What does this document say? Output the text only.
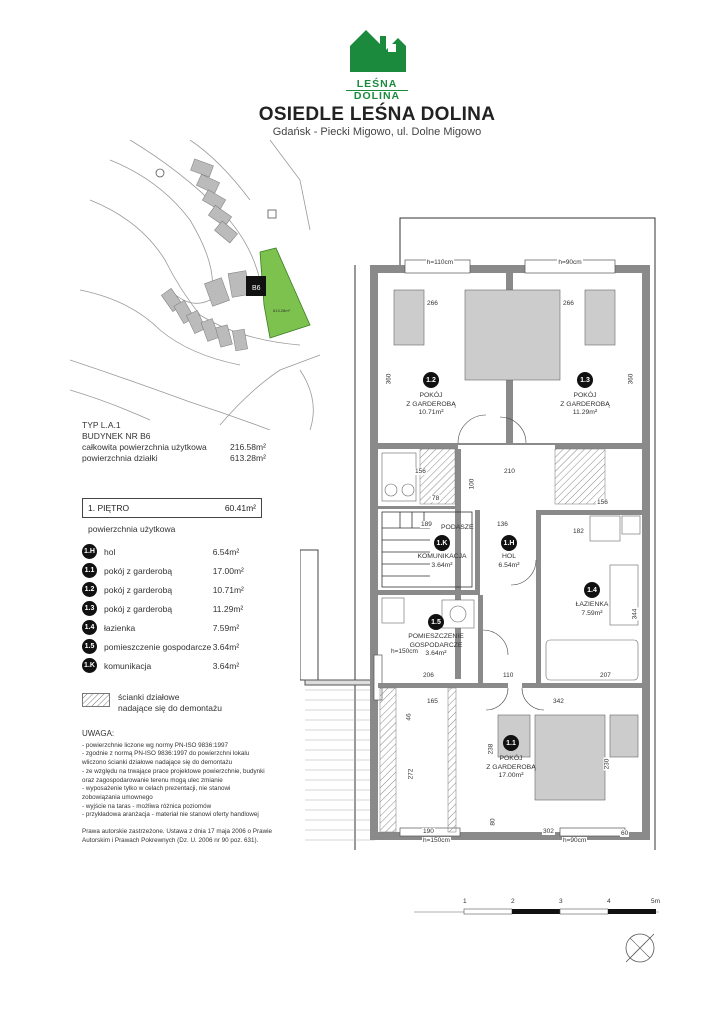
LEŚNA
DOLINA
OSIEDLE LEŚNA DOLINA
Gdańsk - Piecki Migowo, ul. Dolne Migowo
B6
613.28m²
TYP L.A.1
BUDYNEK NR B6
całkowita powierzchnia użytkowa	216.58m²
powierzchnia działki	613.28m²
1. PIĘTRO	60.41m²
powierzchnia użytkowa
1.H hol	6.54m²
1.1	pokój z garderobą	17.00m²
1.2	pokój z garderobą	10.71m²
1.3	pokój z garderobą	11.29m²
1.4	łazienka	7.59m²
1.5	pomieszczenie gospodarcze 3.64m²
1.K komunikacja	3.64m²
ścianki działowe
nadające się do demontażu
UWAGA:
- powierzchnie liczone wg normy PN-ISO 9836:1997
- zgodnie z normą PN-ISO 9836:1997 do powierzchni lokalu
wliczono ścianki działowe nadające się do demontażu
- ze względu na trwające prace projektowe powierzchnie, budynki
oraz zagospodarowanie terenu mogą ulec zmianie
- wyposażenie tylko w celach prezentacji, nie stanowi
zobowiązania umownego
- wyjście na taras - możliwa różnica poziomów
- przykładowa aranżacja - materiał nie stanowi oferty handlowej
Prawa autorskie zastrzeżone. Ustawa z dnia 17 maja 2006 o Prawie
Autorskim i Prawach Pokrewnych (Dz. U. 2006 nr 90 poz. 631).
h=110cm	h=90cm
266	266
360	360
1.2
POKÓJ
Z GARDEROBĄ
10.71m²
1.3
POKÓJ
Z GARDEROBĄ
11.29m²
156	210
100
78
156
189	136
182
PODASZE
1.K
KOMUNIKACJA
3.64m²
1.H
HOL
6.54m²
1.4
ŁAZIENKA
7.59m²	344
1.5
POMIESZCZENIE
GOSPODARCZE
3.64m²
h=150cm
206	110	207
165	342
46
238
230
272
1.1
POKÓJ
Z GARDEROBĄ
17.00m²
80
190	302	60
h=150cm	h=90cm
1	2	3	4	5m
